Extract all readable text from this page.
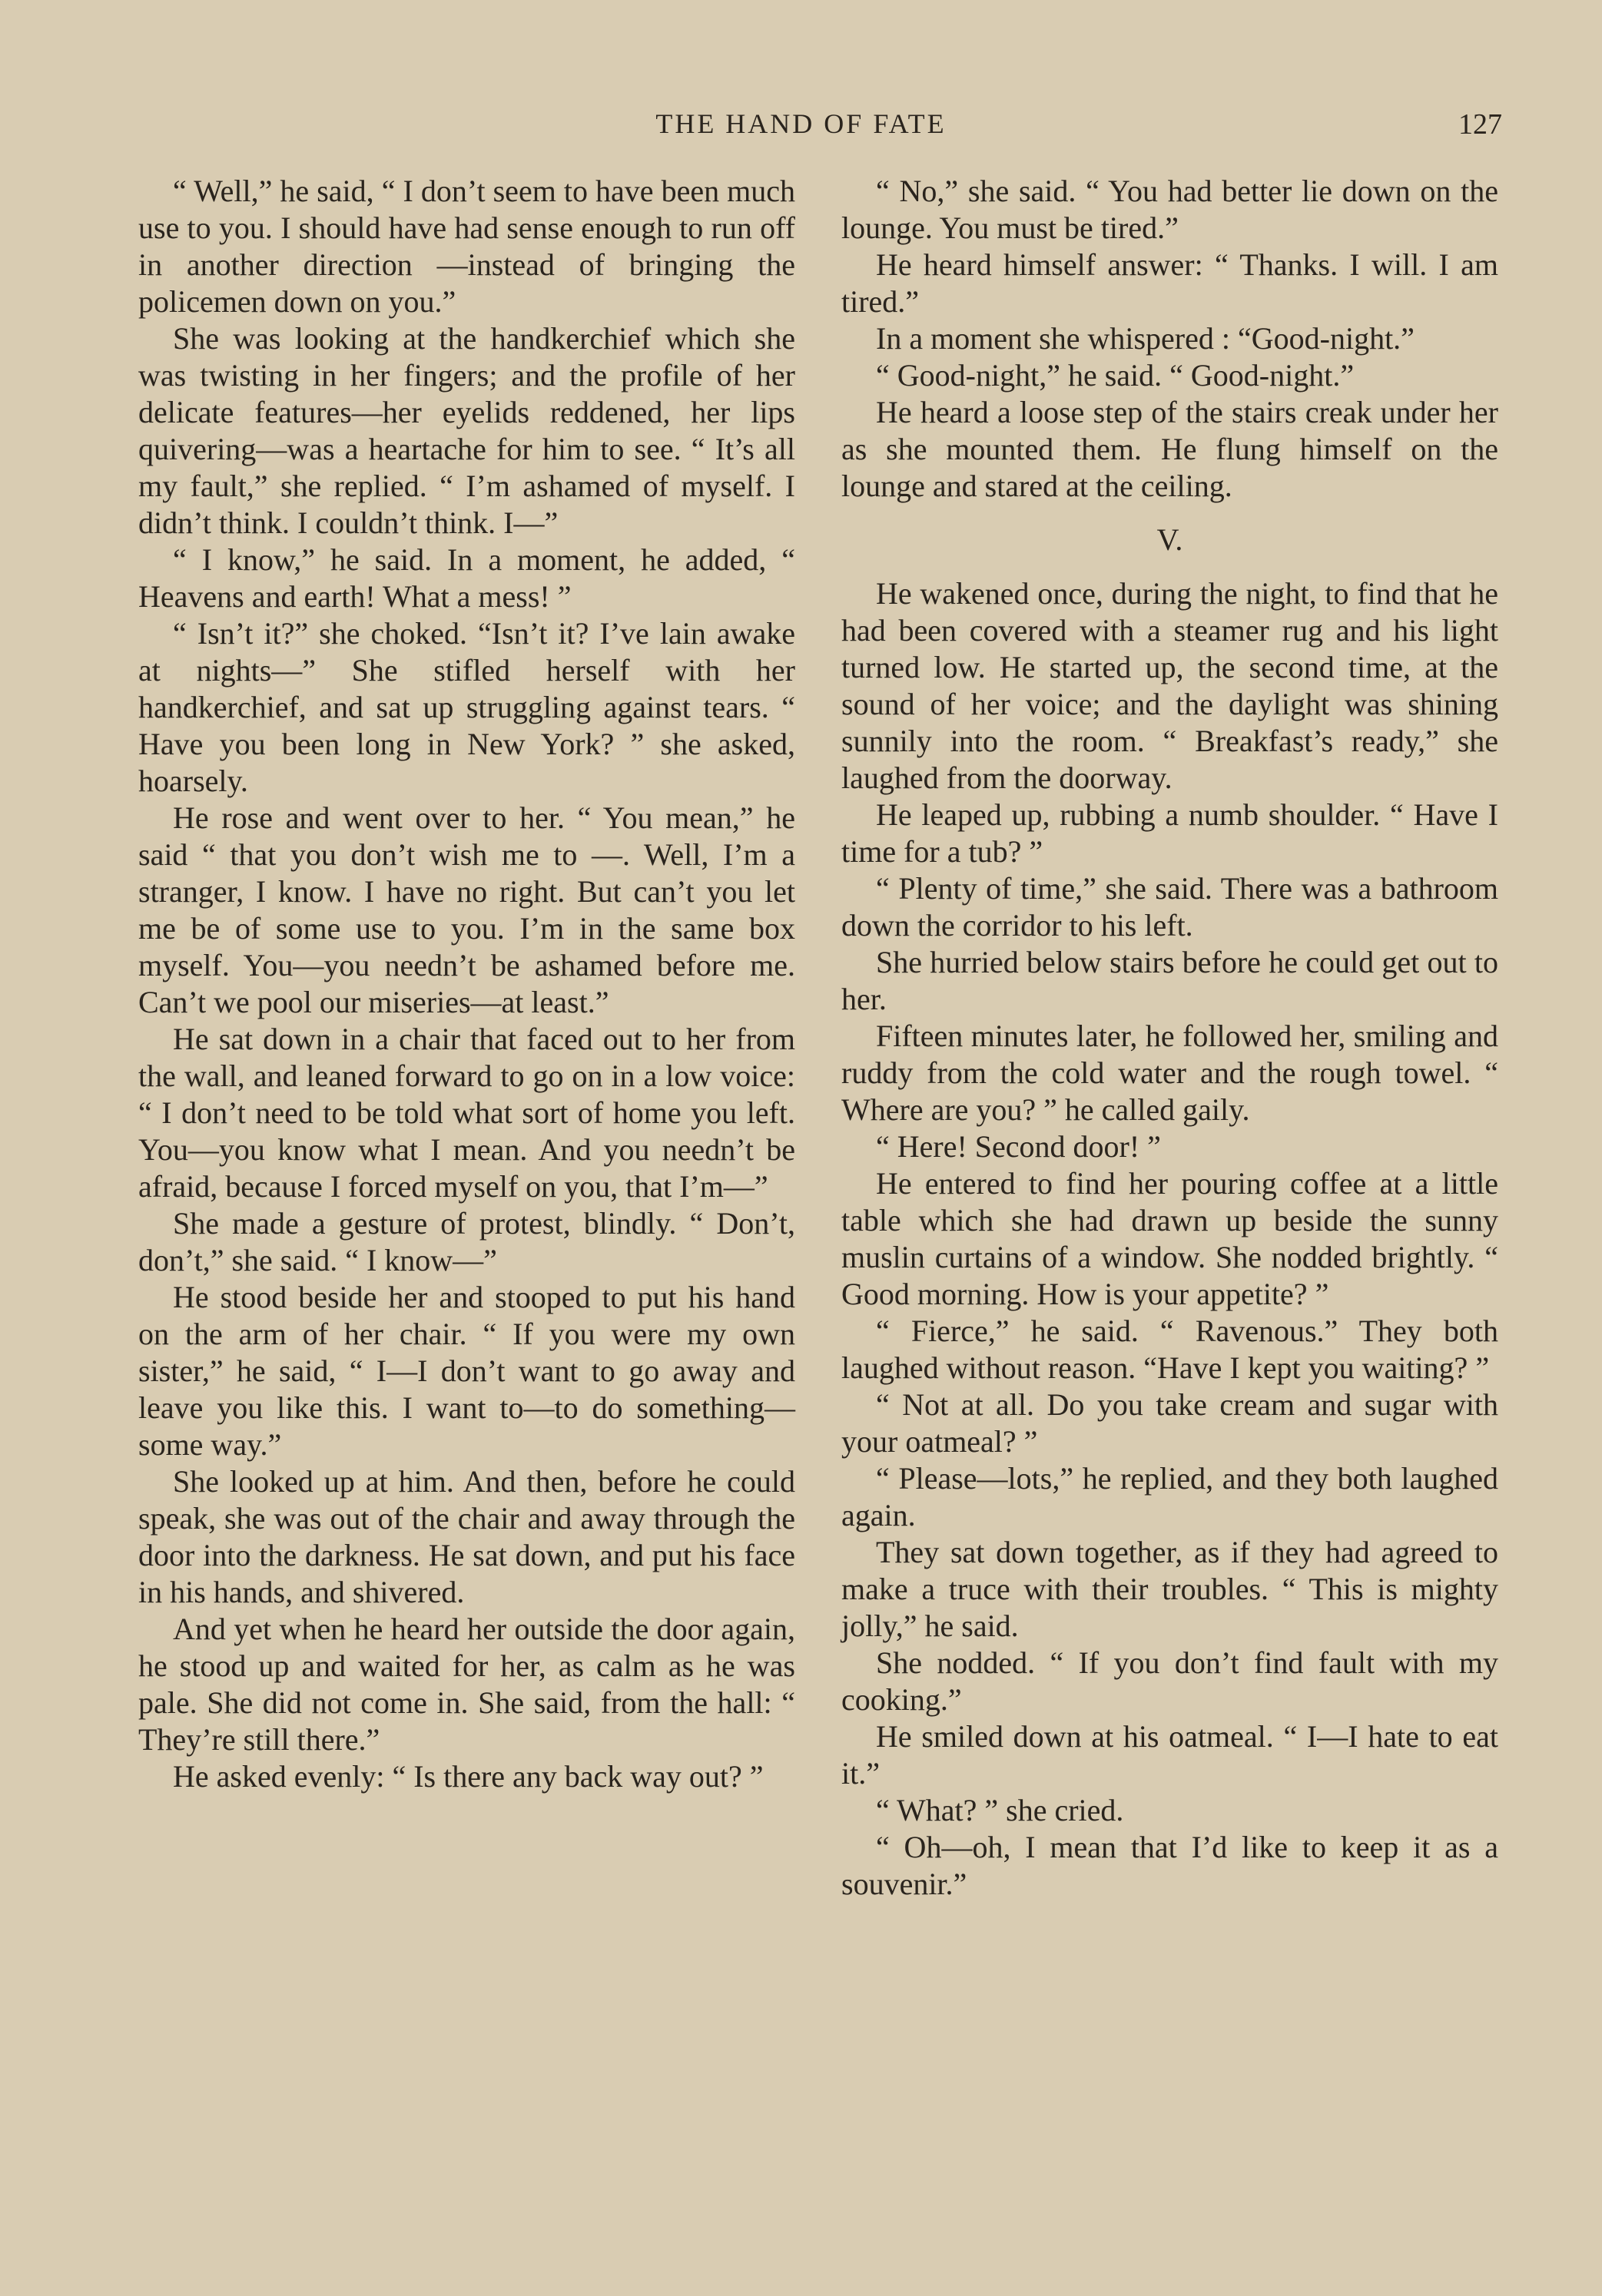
THE HAND OF FATE	127

“ Well,” he said, “ I don’t seem to have been much use to you. I should have had sense enough to run off in another direction —instead of bringing the policemen down on you.”

She was looking at the handkerchief which she was twisting in her fingers; and the profile of her delicate features—her eyelids reddened, her lips quivering—was a heartache for him to see. “ It’s all my fault,” she replied. “ I’m ashamed of myself. I didn’t think. I couldn’t think. I—”

“ I know,” he said. In a moment, he added, “ Heavens and earth! What a mess! ”

“ Isn’t it?” she choked. “Isn’t it? I’ve lain awake at nights—” She stifled herself with her handkerchief, and sat up struggling against tears. “ Have you been long in New York? ” she asked, hoarsely.

He rose and went over to her. “ You mean,” he said “ that you don’t wish me to —. Well, I’m a stranger, I know. I have no right. But can’t you let me be of some use to you. I’m in the same box myself. You—you needn’t be ashamed before me. Can’t we pool our miseries—at least.”

He sat down in a chair that faced out to her from the wall, and leaned forward to go on in a low voice: “ I don’t need to be told what sort of home you left. You—you know what I mean. And you needn’t be afraid, because I forced myself on you, that I’m—”

She made a gesture of protest, blindly. “ Don’t, don’t,” she said. “ I know—”

He stood beside her and stooped to put his hand on the arm of her chair. “ If you were my own sister,” he said, “ I—I don’t want to go away and leave you like this. I want to—to do something—some way.”

She looked up at him. And then, before he could speak, she was out of the chair and away through the door into the darkness. He sat down, and put his face in his hands, and shivered.

And yet when he heard her outside the door again, he stood up and waited for her, as calm as he was pale. She did not come in. She said, from the hall: “ They’re still there.”

He asked evenly: “ Is there any back way out? ”

“ No,” she said. “ You had better lie down on the lounge. You must be tired.”

He heard himself answer: “ Thanks. I will. I am tired.”

In a moment she whispered : “Good-night.”

“ Good-night,” he said. “ Good-night.”

He heard a loose step of the stairs creak under her as she mounted them. He flung himself on the lounge and stared at the ceiling.

V.

He wakened once, during the night, to find that he had been covered with a steamer rug and his light turned low. He started up, the second time, at the sound of her voice; and the daylight was shining sunnily into the room. “ Breakfast’s ready,” she laughed from the doorway.

He leaped up, rubbing a numb shoulder. “ Have I time for a tub? ”

“ Plenty of time,” she said. There was a bathroom down the corridor to his left.

She hurried below stairs before he could get out to her.

Fifteen minutes later, he followed her, smiling and ruddy from the cold water and the rough towel. “ Where are you? ” he called gaily.

“ Here! Second door! ”

He entered to find her pouring coffee at a little table which she had drawn up beside the sunny muslin curtains of a window. She nodded brightly. “ Good morning. How is your appetite? ”

“ Fierce,” he said. “ Ravenous.” They both laughed without reason. “Have I kept you waiting? ”

“ Not at all. Do you take cream and sugar with your oatmeal? ”

“ Please—lots,” he replied, and they both laughed again.

They sat down together, as if they had agreed to make a truce with their troubles. “ This is mighty jolly,” he said.

She nodded. “ If you don’t find fault with my cooking.”

He smiled down at his oatmeal. “ I—I hate to eat it.”

“ What? ” she cried.

“ Oh—oh, I mean that I’d like to keep it as a souvenir.”
